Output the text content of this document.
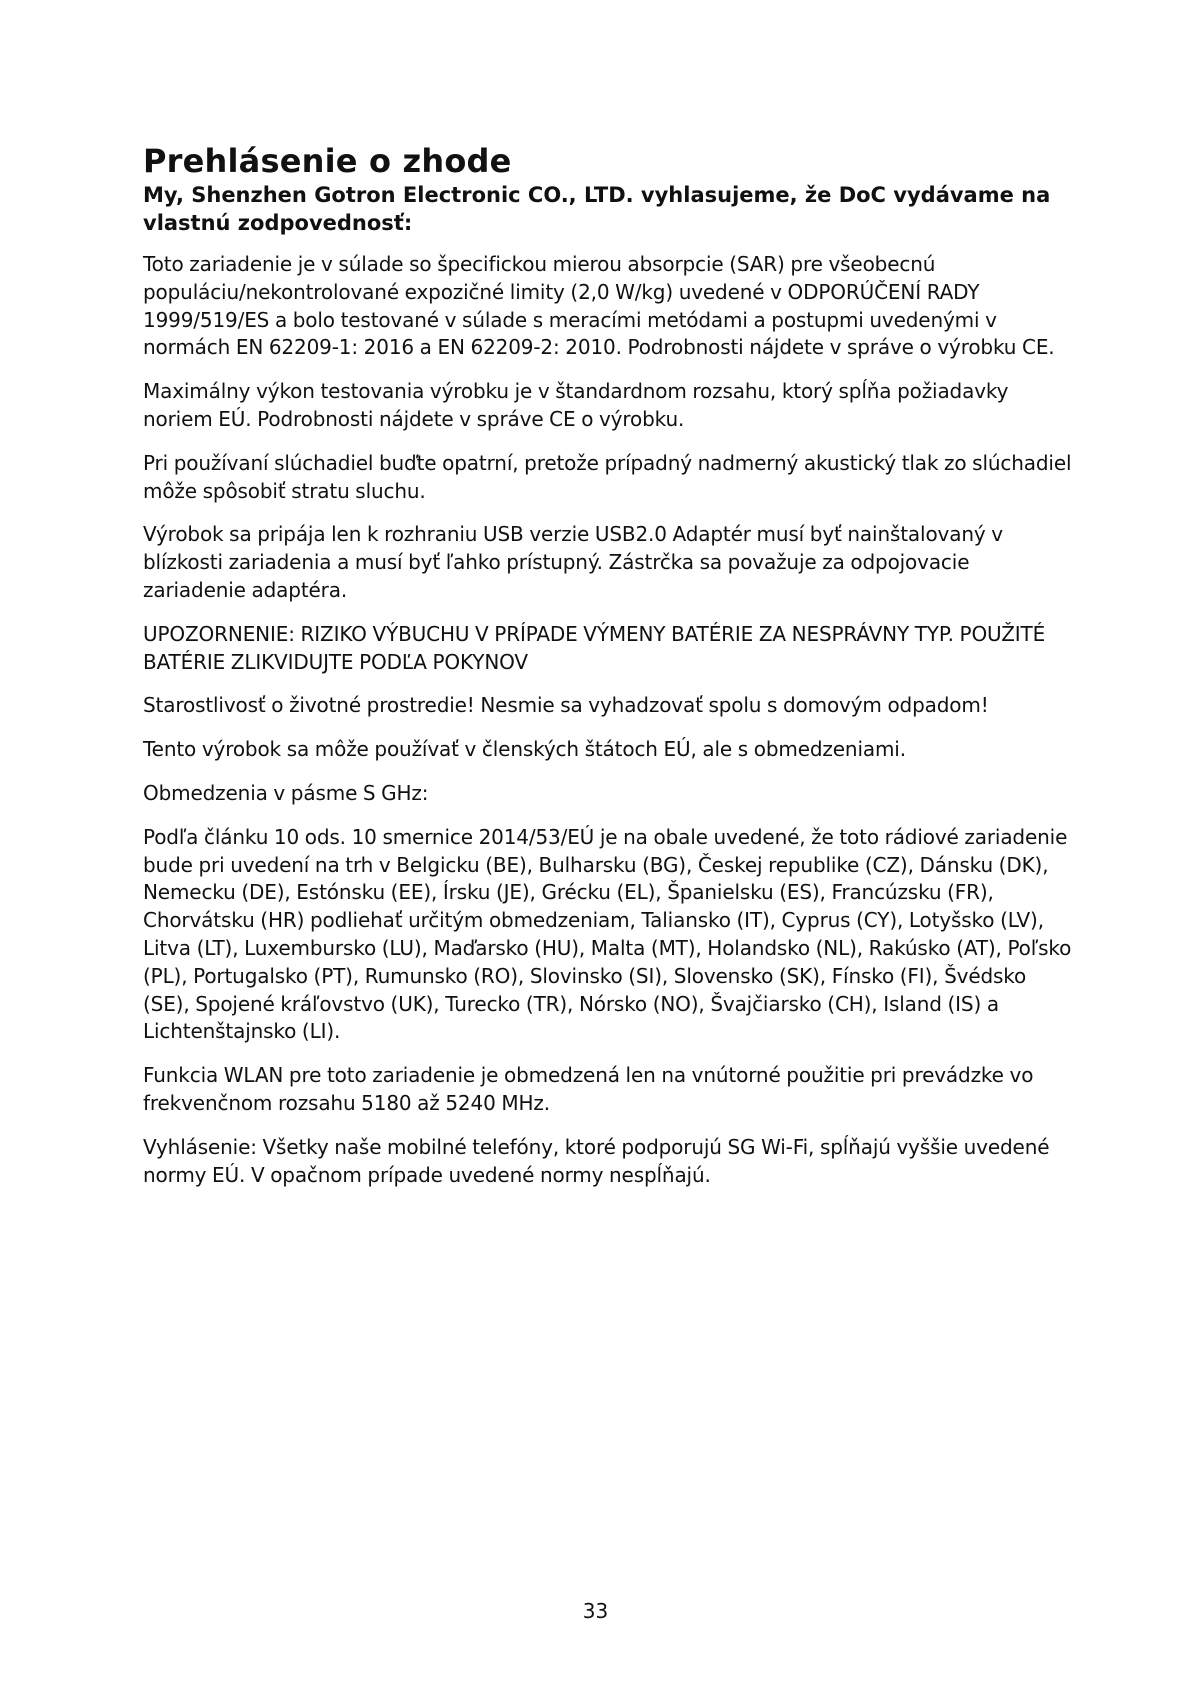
Prehlásenie o zhode

My, Shenzhen Gotron Electronic CO., LTD. vyhlasujeme, že DoC vydávame na vlastnú zodpovednosť:

Toto zariadenie je v súlade so špecifickou mierou absorpcie (SAR) pre všeobecnú populáciu/nekontrolované expozičné limity (2,0 W/kg) uvedené v ODPORÚČENÍ RADY 1999/519/ES a bolo testované v súlade s meracími metódami a postupmi uvedenými v normách EN 62209-1: 2016 a EN 62209-2: 2010. Podrobnosti nájdete v správe o výrobku CE.

Maximálny výkon testovania výrobku je v štandardnom rozsahu, ktorý spĺňa požiadavky noriem EÚ. Podrobnosti nájdete v správe CE o výrobku.

Pri používaní slúchadiel buďte opatrní, pretože prípadný nadmerný akustický tlak zo slúchadiel môže spôsobiť stratu sluchu.

Výrobok sa pripája len k rozhraniu USB verzie USB2.0 Adaptér musí byť nainštalovaný v blízkosti zariadenia a musí byť ľahko prístupný. Zástrčka sa považuje za odpojovacie zariadenie adaptéra.

UPOZORNENIE: RIZIKO VÝBUCHU V PRÍPADE VÝMENY BATÉRIE ZA NESPRÁVNY TYP. POUŽITÉ BATÉRIE ZLIKVIDUJTE PODĽA POKYNOV

Starostlivosť o životné prostredie! Nesmie sa vyhadzovať spolu s domovým odpadom!

Tento výrobok sa môže používať v členských štátoch EÚ, ale s obmedzeniami.

Obmedzenia v pásme S GHz:

Podľa článku 10 ods. 10 smernice 2014/53/EÚ je na obale uvedené, že toto rádiové zariadenie bude pri uvedení na trh v Belgicku (BE), Bulharsku (BG), Českej republike (CZ), Dánsku (DK), Nemecku (DE), Estónsku (EE), Írsku (JE), Grécku (EL), Španielsku (ES), Francúzsku (FR), Chorvátsku (HR) podliehať určitým obmedzeniam, Taliansko (IT), Cyprus (CY), Lotyšsko (LV), Litva (LT), Luxembursko (LU), Maďarsko (HU), Malta (MT), Holandsko (NL), Rakúsko (AT), Poľsko (PL), Portugalsko (PT), Rumunsko (RO), Slovinsko (SI), Slovensko (SK), Fínsko (FI), Švédsko (SE), Spojené kráľovstvo (UK), Turecko (TR), Nórsko (NO), Švajčiarsko (CH), Island (IS) a Lichtenštajnsko (LI).

Funkcia WLAN pre toto zariadenie je obmedzená len na vnútorné použitie pri prevádzke vo frekvenčnom rozsahu 5180 až 5240 MHz.

Vyhlásenie: Všetky naše mobilné telefóny, ktoré podporujú SG Wi-Fi, spĺňajú vyššie uvedené normy EÚ. V opačnom prípade uvedené normy nespĺňajú.

33
